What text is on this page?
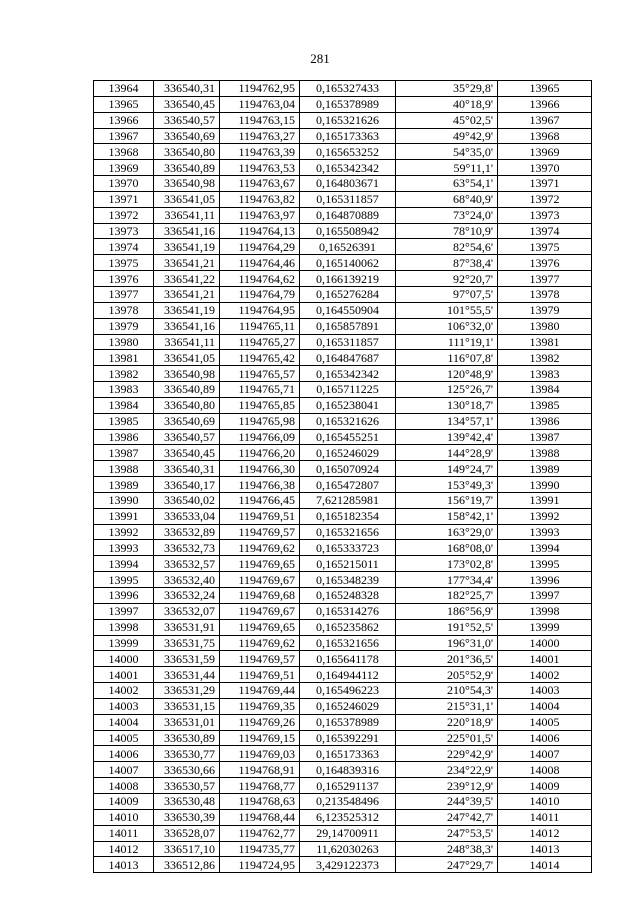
281
13964	336540,31	1194762,95	0,165327433	35°29,8'	13965
13965	336540,45	1194763,04	0,165378989	40°18,9'	13966
13966	336540,57	1194763,15	0,165321626	45°02,5'	13967
13967	336540,69	1194763,27	0,165173363	49°42,9'	13968
13968	336540,80	1194763,39	0,165653252	54°35,0'	13969
13969	336540,89	1194763,53	0,165342342	59°11,1'	13970
13970	336540,98	1194763,67	0,164803671	63°54,1'	13971
13971	336541,05	1194763,82	0,165311857	68°40,9'	13972
13972	336541,11	1194763,97	0,164870889	73°24,0'	13973
13973	336541,16	1194764,13	0,165508942	78°10,9'	13974
13974	336541,19	1194764,29	0,16526391	82°54,6'	13975
13975	336541,21	1194764,46	0,165140062	87°38,4'	13976
13976	336541,22	1194764,62	0,166139219	92°20,7'	13977
13977	336541,21	1194764,79	0,165276284	97°07,5'	13978
13978	336541,19	1194764,95	0,164550904	101°55,5'	13979
13979	336541,16	1194765,11	0,165857891	106°32,0'	13980
13980	336541,11	1194765,27	0,165311857	111°19,1'	13981
13981	336541,05	1194765,42	0,164847687	116°07,8'	13982
13982	336540,98	1194765,57	0,165342342	120°48,9'	13983
13983	336540,89	1194765,71	0,165711225	125°26,7'	13984
13984	336540,80	1194765,85	0,165238041	130°18,7'	13985
13985	336540,69	1194765,98	0,165321626	134°57,1'	13986
13986	336540,57	1194766,09	0,165455251	139°42,4'	13987
13987	336540,45	1194766,20	0,165246029	144°28,9'	13988
13988	336540,31	1194766,30	0,165070924	149°24,7'	13989
13989	336540,17	1194766,38	0,165472807	153°49,3'	13990
13990	336540,02	1194766,45	7,621285981	156°19,7'	13991
13991	336533,04	1194769,51	0,165182354	158°42,1'	13992
13992	336532,89	1194769,57	0,165321656	163°29,0'	13993
13993	336532,73	1194769,62	0,165333723	168°08,0'	13994
13994	336532,57	1194769,65	0,165215011	173°02,8'	13995
13995	336532,40	1194769,67	0,165348239	177°34,4'	13996
13996	336532,24	1194769,68	0,165248328	182°25,7'	13997
13997	336532,07	1194769,67	0,165314276	186°56,9'	13998
13998	336531,91	1194769,65	0,165235862	191°52,5'	13999
13999	336531,75	1194769,62	0,165321656	196°31,0'	14000
14000	336531,59	1194769,57	0,165641178	201°36,5'	14001
14001	336531,44	1194769,51	0,164944112	205°52,9'	14002
14002	336531,29	1194769,44	0,165496223	210°54,3'	14003
14003	336531,15	1194769,35	0,165246029	215°31,1'	14004
14004	336531,01	1194769,26	0,165378989	220°18,9'	14005
14005	336530,89	1194769,15	0,165392291	225°01,5'	14006
14006	336530,77	1194769,03	0,165173363	229°42,9'	14007
14007	336530,66	1194768,91	0,164839316	234°22,9'	14008
14008	336530,57	1194768,77	0,165291137	239°12,9'	14009
14009	336530,48	1194768,63	0,213548496	244°39,5'	14010
14010	336530,39	1194768,44	6,123525312	247°42,7'	14011
14011	336528,07	1194762,77	29,14700911	247°53,5'	14012
14012	336517,10	1194735,77	11,62030263	248°38,3'	14013
14013	336512,86	1194724,95	3,429122373	247°29,7'	14014
